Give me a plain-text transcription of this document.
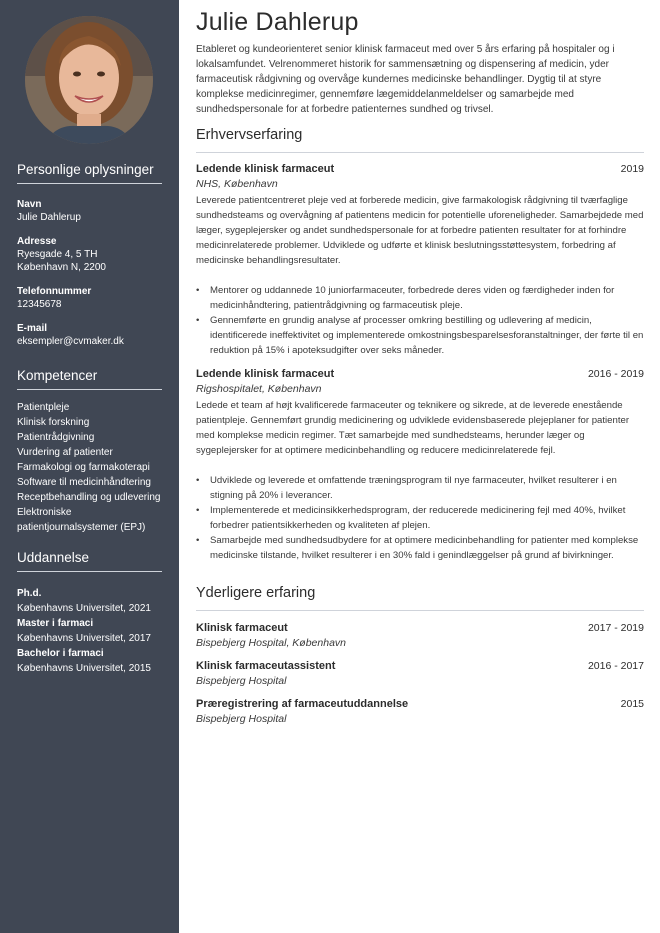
Personlige oplysninger
Navn
Julie Dahlerup
Adresse
Ryesgade 4, 5 TH
København N, 2200
Telefonnummer
12345678
E-mail
eksempler@cvmaker.dk
Kompetencer
Patientpleje
Klinisk forskning
Patientrådgivning
Vurdering af patienter
Farmakologi og farmakoterapi
Software til medicinhåndtering
Receptbehandling og udlevering
Elektroniske
patientjournalsystemer (EPJ)
Uddannelse
Ph.d.
Københavns Universitet, 2021
Master i farmaci
Københavns Universitet, 2017
Bachelor i farmaci
Københavns Universitet, 2015
Julie Dahlerup

Etableret og kundeorienteret senior klinisk farmaceut med over 5 års erfaring på hospitaler og i lokalsamfundet. Velrenommeret historik for sammensætning og dispensering af medicin, yder farmaceutisk rådgivning og overvåge kundernes medicinske behandlinger. Dygtig til at styre komplekse medicinregimer, gennemføre lægemiddelanmeldelser og samarbejde med sundhedspersonale for at forbedre patienternes sundhed og trivsel.

Erhvervserfaring
Ledende klinisk farmaceut	2019
NHS, København

Leverede patientcentreret pleje ved at forberede medicin, give farmakologisk rådgivning til tværfaglige sundhedsteams og overvågning af patientens medicin for potentielle uforeneligheder. Samarbejdede med læger, sygeplejersker og andet sundhedspersonale for at forbedre patienten resultater for at forhindre medicinrelaterede problemer. Udviklede og udførte et klinisk beslutningsstøttesystem, forbedring af medicinske behandlingsresultater.

• Mentorer og uddannede 10 juniorfarmaceuter, forbedrede deres viden og færdigheder inden for medicinhåndtering, patientrådgivning og farmaceutisk pleje.
• Gennemførte en grundig analyse af processer omkring bestilling og udlevering af medicin, identificerede ineffektivitet og implementerede omkostningsbesparelsesforanstaltninger, der førte til en reduktion på 15% i apoteksudgifter over seks måneder.
Ledende klinisk farmaceut	2016 - 2019
Rigshospitalet, København

Ledede et team af højt kvalificerede farmaceuter og teknikere og sikrede, at de leverede enestående patientpleje. Gennemført grundig medicinering og udviklede evidensbaserede plejeplaner for patienter med komplekse medicin regimer. Tæt samarbejde med sundhedsteams, herunder læger og sygeplejersker for at optimere medicinbehandling og reducere medicinrelaterede fejl.

• Udviklede og leverede et omfattende træningsprogram til nye farmaceuter, hvilket resulterer i en stigning på 20% i leverancer.
• Implementerede et medicinsikkerhedsprogram, der reducerede medicinering fejl med 40%, hvilket forbedrer patientsikkerheden og kvaliteten af plejen.
• Samarbejde med sundhedsudbydere for at optimere medicinbehandling for patienter med komplekse medicinske tilstande, hvilket resulterer i en 30% fald i genindlæggelser på grund af bivirkninger.
Yderligere erfaring
Klinisk farmaceut	2017 - 2019
Bispebjerg Hospital, København
Klinisk farmaceutassistent	2016 - 2017
Bispebjerg Hospital
Præregistrering af farmaceutuddannelse	2015
Bispebjerg Hospital
